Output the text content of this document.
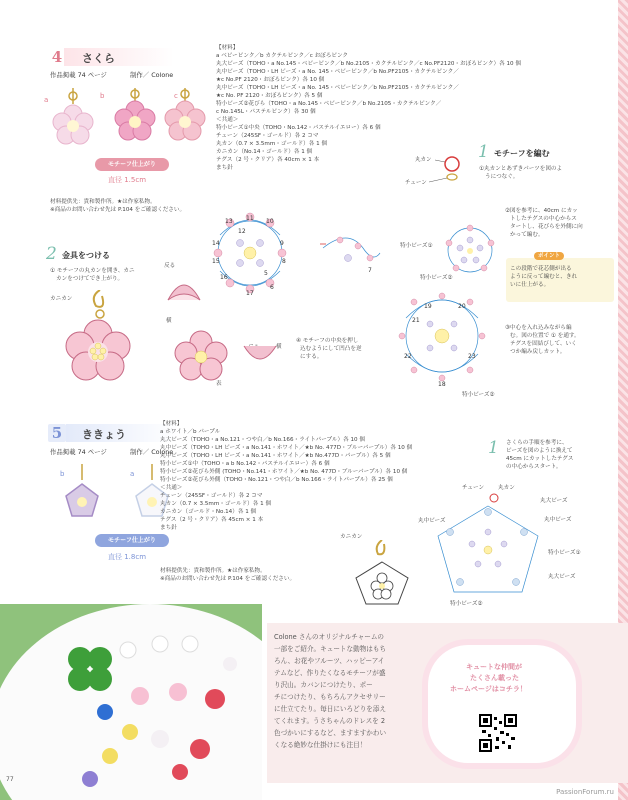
4	さくら
作品掲載 74 ページ	制作／ Colone
a	b	c
モチーフ仕上がり
直径 1.5cm
材料提供先：貴和製作所。★は作家私物。
※商品のお問い合わせ先は P.104 をご確認ください。
【材料】
a ベビーピンク／b カクテルピンク／c おぼろピンク
丸大ビーズ（TOHO・a No.145・ベビーピンク／b No.2105・カクテルピンク／c No.PF2120・おぼろピンク）各 10 個
丸中ビーズ（TOHO・LH ビーズ・a No. 145・ベビーピンク／b No.PF2105・カクテルピンク／
★c No.PF 2120・おぼろピンク）各 10 個
丸中ビーズ（TOHO・LH ビーズ・a No. 145・ベビーピンク／b No.PF2105・カクテルピンク／
★c No. PF 2120・おぼろピンク）各 5 個
特小ビーズ②花びら（TOHO・a No.145・ベビーピンク／b No.2105・カクテルピンク／
c No.145L・パステルピンク）各 30 個
＜共通＞
特小ビーズ①中央（TOHO・No.142・パステルイエロー）各 6 個
チェーン（245SF・ゴールド）各 2 コマ
丸カン（0.7 × 3.5mm・ゴールド）各 1 個
カニカン（No.14・ゴールド）各 1 個
テグス（2 号・クリア）各 40cm × 1 本
まち針
1 モチーフを編む
①丸カンとあずきパーツを図のよ
うにつなぐ。
丸カン
チェーン
②図を参考に、40cm にカッ
トしたテグスの中心からス
タートし、花びらを外側に向
かって編む。
ポイント
この段階で花芯側が出る
ように反って編むと、きれ
いに仕上がる。
③中心を入れ込みながら編
む。図の位置で ① を通す。
テグスを固結びして、いく
つか編み戻しカット。
13 11 10
14
12
9
15	8
16
5
6
17
7
特小ビーズ①
特小ビーズ②
19	20
21
22
18
23
特小ビーズ②
2 金具をつける
① モチーフの丸カンを開き、カニ
カンをつけてでき上がり。
カニカン
反る
横
表
横
④ モチーフの中央を押し
込むようにして凹凸を逆
にする。
5	ききょう
作品掲載 74 ページ	制作／ Colone
b	a
モチーフ仕上がり
直径 1.8cm
【材料】
a ホワイト／b パープル
丸大ビーズ（TOHO・a No.121・つや白／b No.166・ライトパープル）各 10 個
丸中ビーズ（TOHO・LH ビーズ・a No.141・ホワイト／★b No. 477D・ブルーパープル）各 10 個
丸中ビーズ（TOHO・LH ビーズ・a No.141・ホワイト／★b No.477D・パープル）各 5 個
特小ビーズ①中（TOHO・a b No.142・パステルイエロー）各 6 個
特小ビーズ②花びら外側 (TOHO・No.141・ホワイト／★b No. 477D・ブルーパープル）各 10 個
特小ビーズ②花びら外側（TOHO・No.121・つや白／b No.166・ライトパープル）各 25 個
＜共通＞
チェーン（245SF・ゴールド）各 2 コマ
丸カン（0.7 × 3.5mm・ゴールド）各 1 個
カニカン（ゴールド・No.14）各 1 個
テグス（2 号・クリア）各 45cm × 1 本
まち針
材料提供先：貴和製作所。★は作家私物。
※商品のお問い合わせ先は P.104 をご確認ください。
1 さくらの手順を参考に、
ビーズを図のように換えて
45cm にカットしたテグス
の中心からスタート。
チェーン 丸カン
丸中ビーズ
丸大ビーズ
丸中ビーズ
特小ビーズ①
丸大ビーズ
特小ビーズ②
カニカン
Colone さんのオリジナルチャームの
一部をご紹介。キュートな動物はもち
ろん、お花やフルーツ、ハッピーアイ
テムなど、作りたくなるモチーフが盛
り沢山。カバンにつけたり、ポー
チにつけたり、もちろんアクセサリー
に仕立てたり。毎日にいろどりを添え
てくれます。うさちゃんのドレスを 2
色づかいにするなど、ますますかわい
くなる絶妙な仕掛けにも注目！
キュートな仲間が
たくさん載った
ホームページはコチラ！
77
PassionForum.ru
